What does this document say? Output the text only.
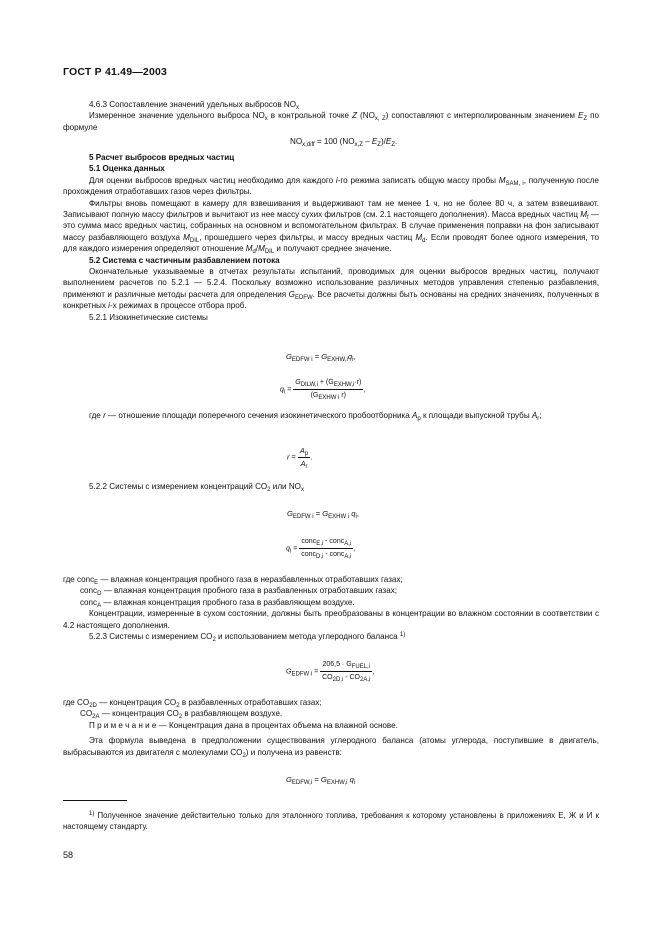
ГОСТ Р 41.49—2003

4.6.3 Сопоставление значений удельных выбросов $NO_x$

Измеренное значение удельного выброса $NO_x$ в контрольной точке Z $(NO_{x, Z})$ сопоставляют с интерполированным значением $E_Z$ по формуле

$NO_{x,diff} = 100$ $(NO_{x,Z} - E_Z)/E_Z$.

5 Расчет выбросов вредных частиц

5.1 Оценка данных

Для оценки выбросов вредных частиц необходимо для каждого i-го режима записать общую массу пробы $M_{SAM, i}$, полученную после прохождения отработавших газов через фильтры.

Фильтры вновь помещают в камеру для взвешивания и выдерживают там не менее 1 ч, но не более 80 ч, а затем взвешивают. Записывают полную массу фильтров и вычитают из нее массу сухих фильтров (см. 2.1 настоящего дополнения). Масса вредных частиц $M_f$ — это сумма масс вредных частиц, собранных на основном и вспомогательном фильтрах. В случае применения поправки на фон записывают массу разбавляющего воздуха $M_{DIL}$, прошедшего через фильтры, и массу вредных частиц $M_d$. Если проводят более одного измерения, то для каждого измерения определяют отношение $M_d/M_{DIL}$ и получают среднее значение.

5.2 Система с частичным разбавлением потока

Окончательные указываемые в отчетах результаты испытаний, проводимых для оценки выбросов вредных частиц, получают выполнением расчетов по 5.2.1 — 5.2.4. Поскольку возможно использование различных методов управления степенью разбавления, применяют и различные методы расчета для определения $G_{EDFW}$. Все расчеты должны быть основаны на средних значениях, полученных в конкретных i-х режимах в процессе отбора проб.

5.2.1 Изокинетические системы

$G_{EDFW i} = G_{EXHW,i}q_i$,
$q_i = \frac{G_{DILW,i} + (G_{EXHW,i}\cdot r)}{(G_{EXHW i} r)}$ ,

где r — отношение площади поперечного сечения изокинетического пробоотборника $A_p$ к площади выпускной трубы $A_r$;

$r = \frac{A_p}{A_r}$ .

5.2.2 Системы с измерением концентраций $CO_2$ или $NO_x$

$G_{EDFW i} = G_{EXHW i}$ $q_i$,
$q_i = \frac{conc_{E,i} - conc_{A,i}}{conc_{D,i} - conc_{A,i}}$ ,

где conc$_E$ — влажная концентрация пробного газа в неразбавленных отработавших газах;

conc$_D$ — влажная концентрация пробного газа в разбавленных отработавших газах;

conc$_A$ — влажная концентрация пробного газа в разбавляющем воздухе.

Концентрации, измеренные в сухом состоянии, должны быть преобразованы в концентрации во влажном состоянии в соответствии с 4.2 настоящего дополнения.

5.2.3 Системы с измерением $CO_2$ и использованием метода углеродного баланса $^{1)}$

$G_{EDFW i} = \frac{206,5 \cdot G_{FUEL,i}}{CO_{2D,i} - CO_{2A,i}}$ ,

где $CO_{2D}$ — концентрация $CO_2$ в разбавленных отработавших газах;

$CO_{2A}$ — концентрация $CO_2$ в разбавляющем воздухе.

П р и м е ч а н и е — Концентрация дана в процентах объема на влажной основе.

Эта формула выведена в предположении существования углеродного баланса (атомы углерода, поступившие в двигатель, выбрасываются из двигателя с молекулами $CO_2$) и получена из равенств:

$G_{EDFW,i} = G_{EXHW,i}$ $q_i$

$^{1)}$ Полученное значение действительно только для эталонного топлива, требования к которому установлены в приложениях Е, Ж и И к настоящему стандарту.

58
